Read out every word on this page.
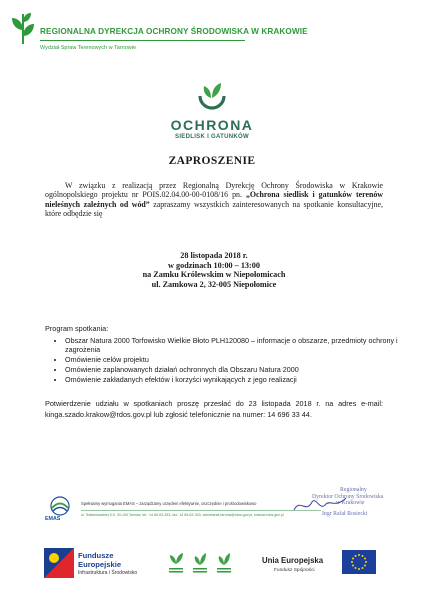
REGIONALNA DYREKCJA OCHRONY ŚRODOWISKA W KRAKOWIE
Wydział Spraw Terenowych w Tarnowie
OCHRONA
SIEDLISK I GATUNKÓW
ZAPROSZENIE

W związku z realizacją przez Regionalną Dyrekcję Ochrony Środowiska w Krakowie ogólnopolskiego projektu nr POIS.02.04.00-00-0108/16 pn. „Ochrona siedlisk i gatunków terenów nieleśnych zależnych od wód” zapraszamy wszystkich zainteresowanych na spotkanie konsultacyjne, które odbędzie się

28 listopada 2018 r.
w godzinach 10:00 – 13:00
na Zamku Królewskim w Niepołomicach
ul. Zamkowa 2, 32-005 Niepołomice
Program spotkania:
• Obszar Natura 2000 Torfowisko Wielkie Błoto PLH120080 – informacje o obszarze, przedmioty ochrony i zagrożenia
• Omówienie celów projektu
• Omówienie zaplanowanych działań ochronnych dla Obszaru Natura 2000
• Omówienie zakładanych efektów i korzyści wynikających z jego realizacji
Potwierdzenie udziału w spotkaniach proszę przesłać do 23 listopada 2018 r. na adres e-mail: kinga.szado.krakow@rdos.gov.pl lub zgłosić telefonicznie na numer: 14 696 33 44.
EMAS
Spełniamy wymogania EMAS – zarządzamy urzędem efektywnie, oszczędnie i prośrodowiskowo
ul. Sołtaniowskiej 5-9, 33-100 Tarnów, tel.: 14 69-63-353, fax: 14 69-63-343, sekretariat.tarnow@rdos.gov.pl, krakow.rdos.gov.pl
Regionalny
Dyrektor Ochrony Środowiska
w Krakowie
Ingr Rafał Rosiecki
Fundusze
Europejskie
Infrastruktura i Środowisko
Unia Europejska
Fundusz Spójności
